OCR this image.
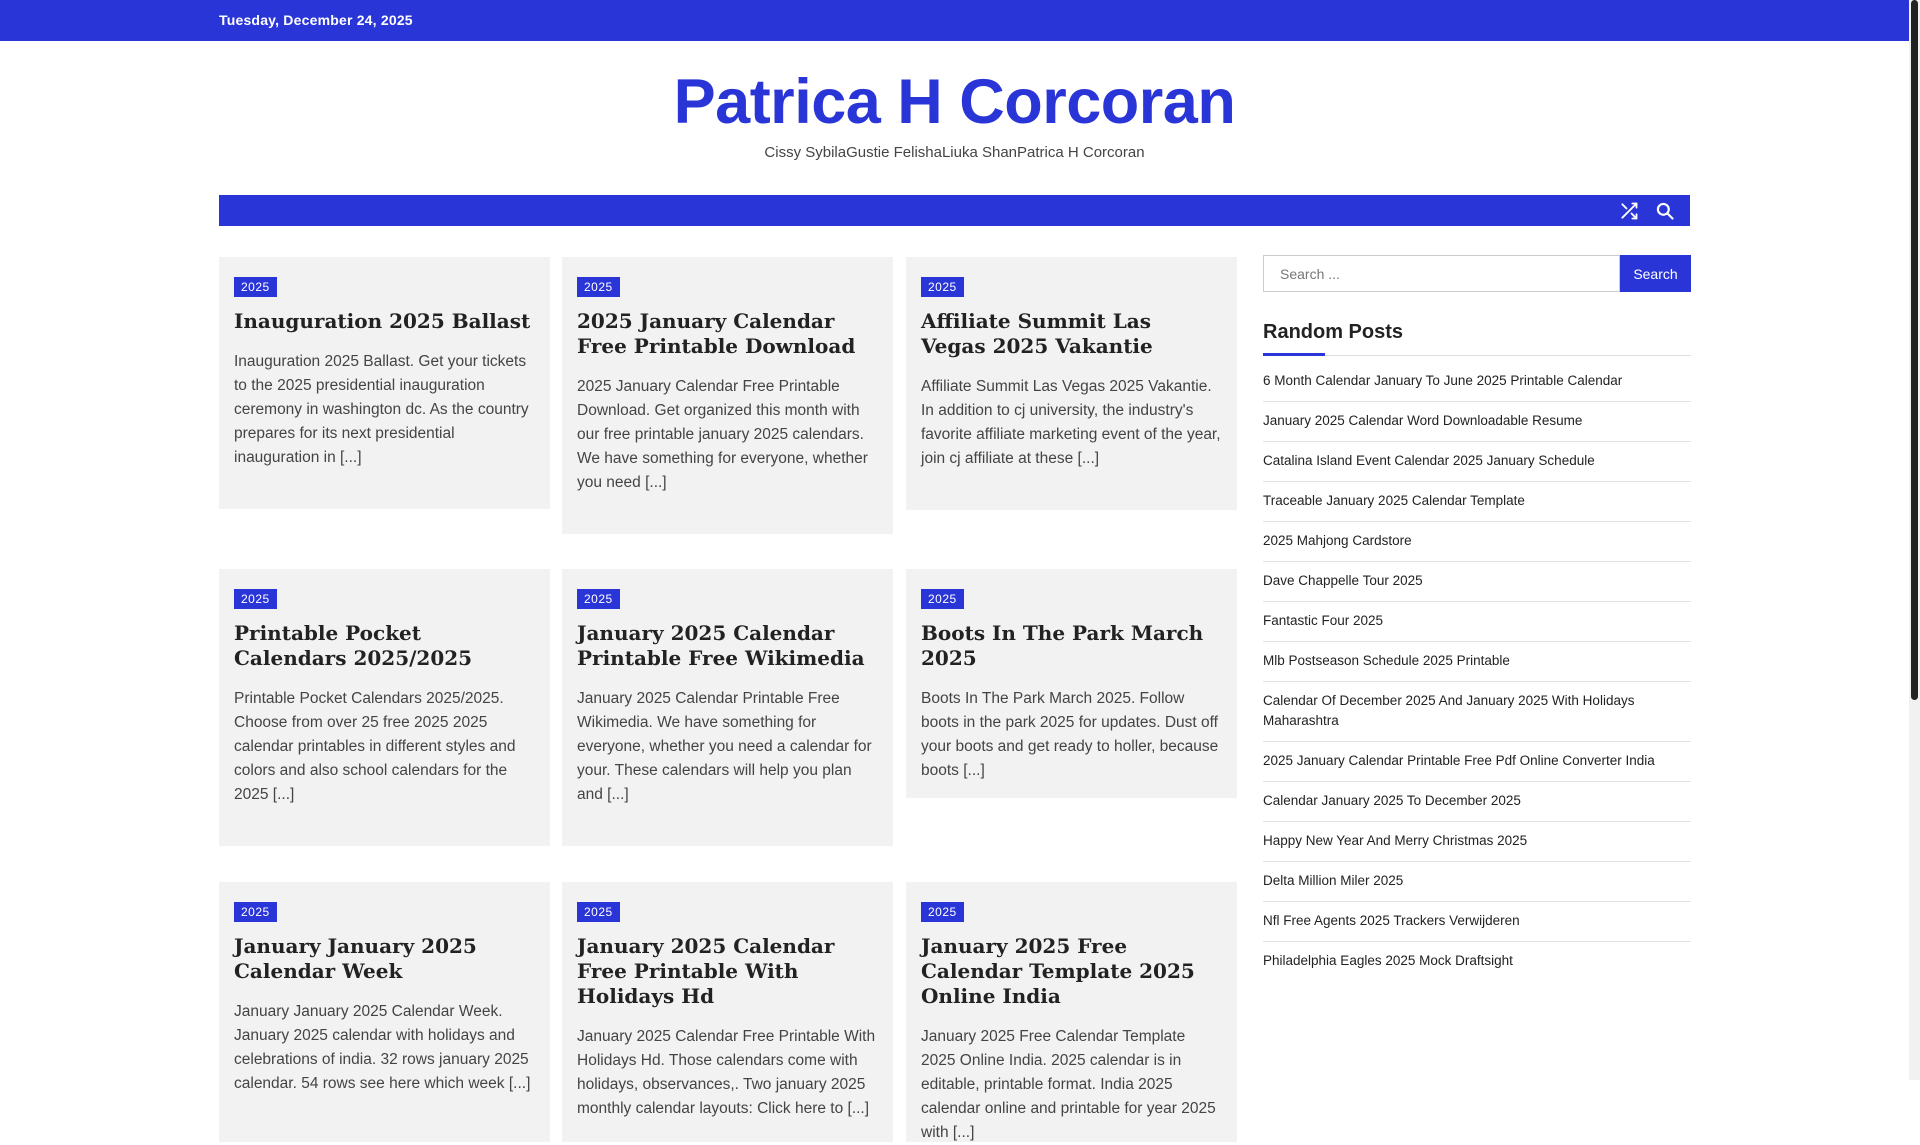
Tuesday, December 24, 2025
Patrica H Corcoran
Cissy SybilaGustie FelishaLiuka ShanPatrica H Corcoran
2025
Inauguration 2025 Ballast
Inauguration 2025 Ballast. Get your tickets to the 2025 presidential inauguration ceremony in washington dc. As the country prepares for its next presidential inauguration in [...]
2025
2025 January Calendar Free Printable Download
2025 January Calendar Free Printable Download. Get organized this month with our free printable january 2025 calendars. We have something for everyone, whether you need [...]
2025
Affiliate Summit Las Vegas 2025 Vakantie
Affiliate Summit Las Vegas 2025 Vakantie. In addition to cj university, the industry's favorite affiliate marketing event of the year, join cj affiliate at these [...]
2025
Printable Pocket Calendars 2025/2025
Printable Pocket Calendars 2025/2025. Choose from over 25 free 2025 2025 calendar printables in different styles and colors and also school calendars for the 2025 [...]
2025
January 2025 Calendar Printable Free Wikimedia
January 2025 Calendar Printable Free Wikimedia. We have something for everyone, whether you need a calendar for your. These calendars will help you plan and [...]
2025
Boots In The Park March 2025
Boots In The Park March 2025. Follow boots in the park 2025 for updates. Dust off your boots and get ready to holler, because boots [...]
2025
January January 2025 Calendar Week
January January 2025 Calendar Week. January 2025 calendar with holidays and celebrations of india. 32 rows january 2025 calendar. 54 rows see here which week [...]
2025
January 2025 Calendar Free Printable With Holidays Hd
January 2025 Calendar Free Printable With Holidays Hd. Those calendars come with holidays, observances,. Two january 2025 monthly calendar layouts: Click here to [...]
2025
January 2025 Free Calendar Template 2025 Online India
January 2025 Free Calendar Template 2025 Online India. 2025 calendar is in editable, printable format. India 2025 calendar online and printable for year 2025 with [...]
Search ...
Search
Random Posts
6 Month Calendar January To June 2025 Printable Calendar
January 2025 Calendar Word Downloadable Resume
Catalina Island Event Calendar 2025 January Schedule
Traceable January 2025 Calendar Template
2025 Mahjong Cardstore
Dave Chappelle Tour 2025
Fantastic Four 2025
Mlb Postseason Schedule 2025 Printable
Calendar Of December 2025 And January 2025 With Holidays Maharashtra
2025 January Calendar Printable Free Pdf Online Converter India
Calendar January 2025 To December 2025
Happy New Year And Merry Christmas 2025
Delta Million Miler 2025
Nfl Free Agents 2025 Trackers Verwijderen
Philadelphia Eagles 2025 Mock Draftsight
